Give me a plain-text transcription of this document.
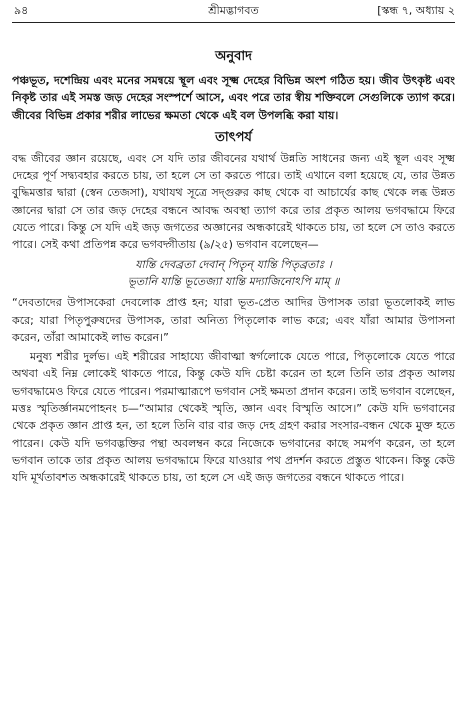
৯৪	শ্রীমদ্ভাগবত	[স্কন্ধ ৭, অধ্যায় ২
অনুবাদ

পঞ্চভূত, দশেন্দ্রিয় এবং মনের সমন্বয়ে স্থূল এবং সূক্ষ্ম দেহের বিভিন্ন অংশ গঠিত হয়। জীব উৎকৃষ্ট এবং নিকৃষ্ট তার এই সমস্ত জড় দেহের সংস্পর্শে আসে, এবং পরে তার স্বীয় শক্তিবলে সেগুলিকে ত্যাগ করে। জীবের বিভিন্ন প্রকার শরীর লাভের ক্ষমতা থেকে এই বল উপলব্ধি করা যায়।

তাৎপর্য

বদ্ধ জীবের জ্ঞান রয়েছে, এবং সে যদি তার জীবনের যথার্থ উন্নতি সাধনের জন্য এই স্থূল এবং সূক্ষ্ম দেহের পূর্ণ সদ্ব্যবহার করতে চায়, তা হলে সে তা করতে পারে। তাই এখানে বলা হয়েছে যে, তার উন্নত বুদ্ধিমত্তার দ্বারা (স্বেন তেজসা), যথাযথ সূত্রে সদ্গুরুর কাছ থেকে বা আচার্যের কাছ থেকে লব্ধ উন্নত জ্ঞানের দ্বারা সে তার জড় দেহের বন্ধনে আবদ্ধ অবস্থা ত্যাগ করে তার প্রকৃত আলয় ভগবদ্ধামে ফিরে যেতে পারে। কিন্তু সে যদি এই জড় জগতের অজ্ঞানের অন্ধকারেই থাকতে চায়, তা হলে সে তাও করতে পারে। সেই কথা প্রতিপন্ন করে ভগবদ্গীতায় (৯/২৫) ভগবান বলেছেন—

যান্তি দেবব্রতা দেবান্ পিতৄন্ যান্তি পিতৃব্রতাঃ ।

ভূতানি যান্তি ভূতেজ্যা যান্তি মদ্যাজিনোঽপি মাম্ ॥

“দেবতাদের উপাসকেরা দেবলোক প্রাপ্ত হন; যারা ভূত-প্রেত আদির উপাসক তারা ভূতলোকই লাভ করে; যারা পিতৃপুরুষদের উপাসক, তারা অনিত্য পিতৃলোক লাভ করে; এবং যাঁরা আমার উপাসনা করেন, তাঁরা আমাকেই লাভ করেন।”

মনুষ্য শরীর দুর্লভ। এই শরীরের সাহায্যে জীবাত্মা স্বর্গলোকে যেতে পারে, পিতৃলোকে যেতে পারে অথবা এই নিম্ন লোকেই থাকতে পারে, কিন্তু কেউ যদি চেষ্টা করেন তা হলে তিনি তার প্রকৃত আলয় ভগবদ্ধামেও ফিরে যেতে পারেন। পরমাত্মারূপে ভগবান সেই ক্ষমতা প্রদান করেন। তাই ভগবান বলেছেন, মত্তঃ স্মৃতির্জ্ঞানমপোহনং চ—“আমার থেকেই স্মৃতি, জ্ঞান এবং বিস্মৃতি আসে।” কেউ যদি ভগবানের থেকে প্রকৃত জ্ঞান প্রাপ্ত হন, তা হলে তিনি বার বার জড় দেহ গ্রহণ করার সংসার-বন্ধন থেকে মুক্ত হতে পারেন। কেউ যদি ভগবদ্ভক্তির পন্থা অবলম্বন করে নিজেকে ভগবানের কাছে সমর্পণ করেন, তা হলে ভগবান তাকে তার প্রকৃত আলয় ভগবদ্ধামে ফিরে যাওয়ার পথ প্রদর্শন করতে প্রস্তুত থাকেন। কিন্তু কেউ যদি মূর্খতাবশত অন্ধকারেই থাকতে চায়, তা হলে সে এই জড় জগতের বন্ধনে থাকতে পারে।
